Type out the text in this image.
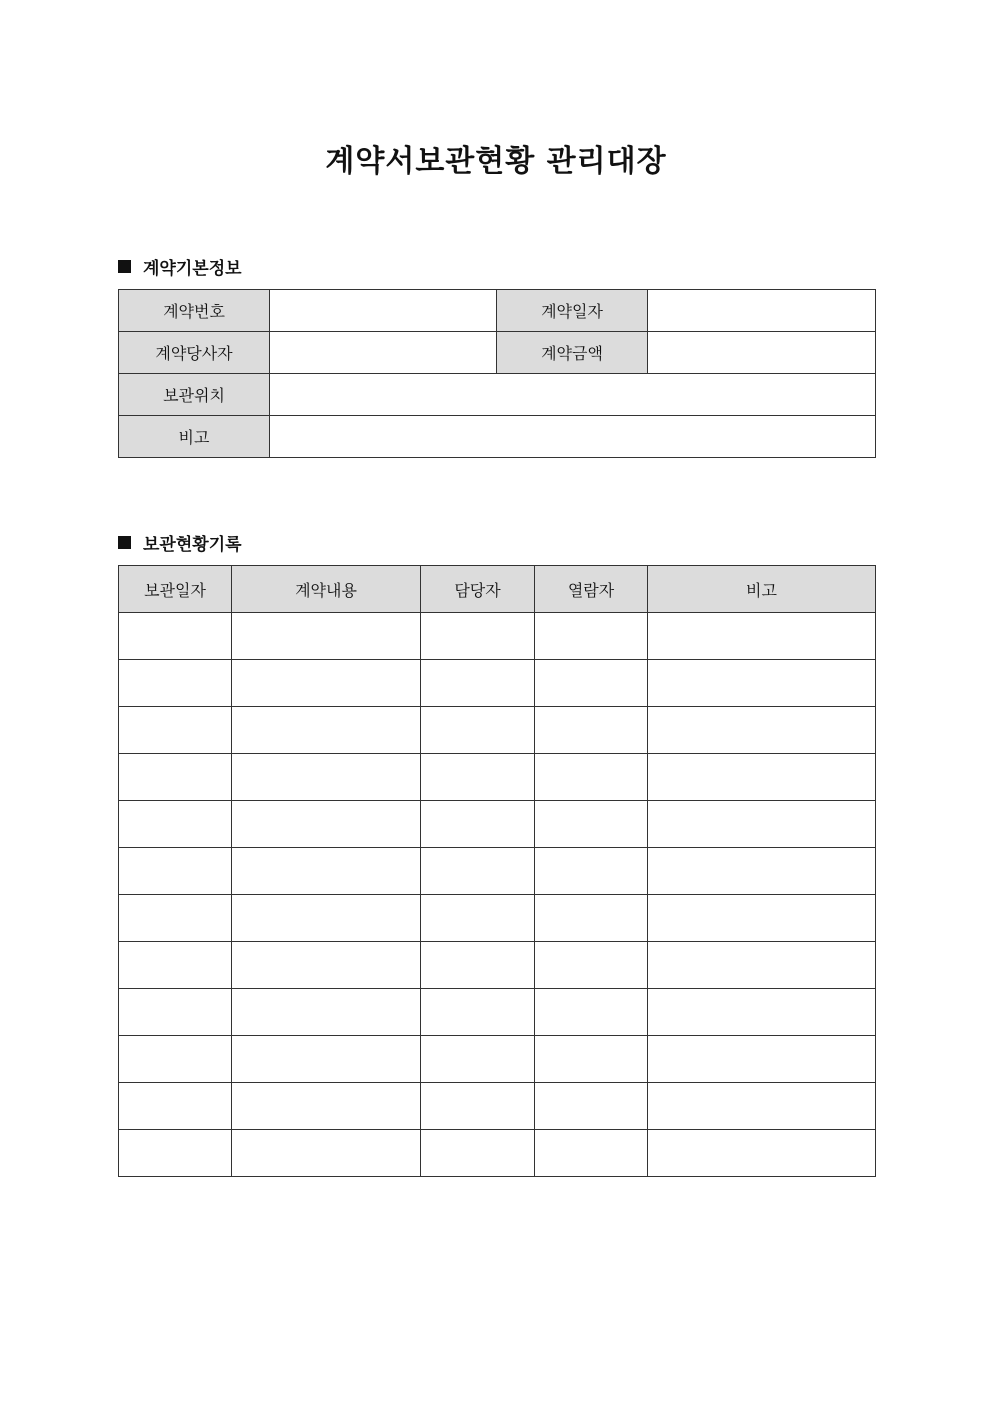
계약서보관현황 관리대장
계약기본정보
계약번호		계약일자	
계약당사자		계약금액	
보관위치			
비고			
보관현황기록
보관일자	계약내용	담당자	열람자	비고
